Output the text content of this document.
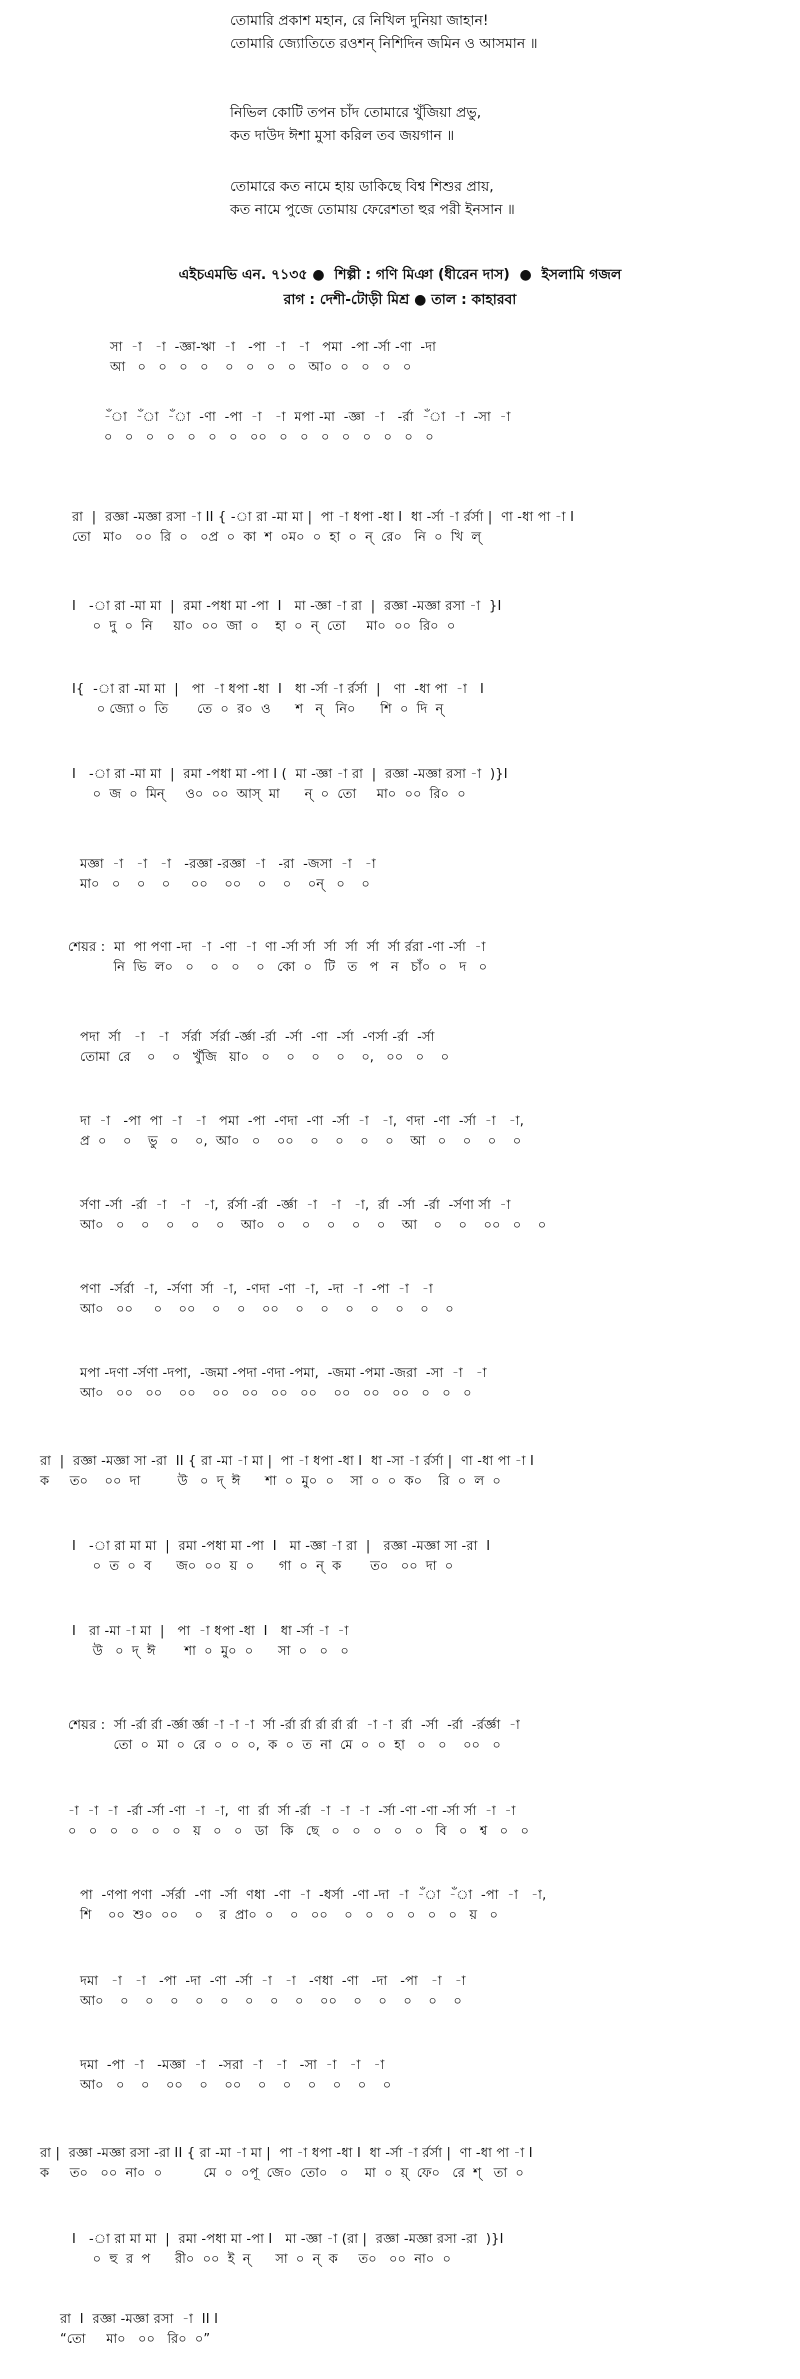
তোমারি প্রকাশ মহান, রে নিখিল দুনিয়া জাহান!
তোমারি জ্যোতিতে রওশন্ নিশিদিন জমিন ও আসমান ॥
নিভিল কোটি তপন চাঁদ তোমারে খুঁজিয়া প্রভু,
কত দাউদ ঈশা মুসা করিল তব জয়গান ॥
তোমারে কত নামে হায় ডাকিছে বিশ্ব শিশুর প্রায়,
কত নামে পুজে তোমায় ফেরেশতা হুর পরী ইনসান ॥
এইচএমভি এন. ৭১৩৫ ●  শিল্পী : গণি মিঞা (ধীরেন দাস)  ●  ইসলামি গজল
রাগ : দেশী-টোড়ী মিশ্র ● তাল : কাহারবা
সা  -া   -া  -জ্ঞা-ঋা  -া   -পা  -া   -া   পমা  -পা -র্সা -ণা  -দা
আ   ০   ০   ০   ০    ০   ০   ০   ০   আ০  ০   ০   ০   ০
-ঁা  -ঁা  -ঁা  -ণা  -পা  -া   -া  মপা -মা  -জ্ঞা  -া   -র্রা  -ঁা  -া  -সা  -া
০   ০   ০   ০   ০   ০   ০   ০০   ০   ০   ০   ০   ০   ০   ০   ০
রা  |  রজ্ঞা -মজ্ঞা রসা -া II { -া রা -মা মা |  পা -া ধপা -ধা I  ধা -র্সা -া র্রর্সা |  ণা -ধা পা -া I
তো   মা০   ০০  রি  ০   ০প্র  ০  কা  শ  ০ম০  ০  হা  ০  ন্  রে০   নি  ০  খি  ল্
I   -া রা -মা মা  |  রমা -পধা মা -পা  I   মা -জ্ঞা -া রা  |  রজ্ঞা -মজ্ঞা রসা -া  }I
০  দু  ০  নি     য়া০  ০০  জা  ০    হা  ০  ন্  তো     মা০  ০০  রি০  ০
I{  -া রা -মা মা  |   পা  -া ধপা -ধা  I   ধা -র্সা -া র্রর্সা  |   ণা  -ধা পা  -া   I
০ জ্যো ০  তি       তে  ০  র০  ও      শ   ন্   নি০      শি  ০  দি  ন্
I   -া রা -মা মা  |  রমা -পধা মা -পা I (  মা -জ্ঞা -া রা  |  রজ্ঞা -মজ্ঞা রসা -া  )}I
০  জ  ০  মিন্     ও০  ০০  আস্  মা      ন্  ০  তো     মা০  ০০  রি০  ০
মজ্ঞা  -া   -া   -া   -রজ্ঞা -রজ্ঞা  -া   -রা  -জসা  -া   -া
মা০   ০    ০    ০     ০০    ০০    ০    ০    ০ন্   ০    ০
শেয়র :  মা  পা পণা -দা  -া  -ণা  -া  ণা -র্সা র্সা  র্সা  র্সা  র্সা  র্সা র্ররা -ণা -র্সা  -া
নি  ভি  ল০   ০    ০   ০    ০   কো  ০   টি   ত   প   ন   চাঁ০  ০   দ   ০
পদা  র্সা   -া   -া   র্সর্রা  র্সর্রা -র্জ্ঞা -র্রা  -র্সা  -ণা  -র্সা  -ণর্সা -র্রা  -র্সা
তোমা  রে    ০    ০   খুঁজি   য়া০   ০    ০    ০    ০    ০,   ০০   ০    ০
দা  -া   -পা  পা  -া   -া   পমা  -পা  -ণদা  -ণা  -র্সা  -া   -া,  ণদা  -ণা  -র্সা  -া   -া,
প্র  ০    ০    ভু   ০    ০,  আ০   ০    ০০    ০    ০    ০    ০    আ   ০    ০    ০    ০
র্সণা -র্সা  -র্রা  -া   -া   -া,  র্রর্সা -র্রা  -র্জ্ঞা  -া   -া   -া,  র্রা  -র্সা  -র্রা  -র্সণা র্সা  -া
আ০   ০    ০    ০    ০    ০    আ০   ০    ০    ০    ০    ০    আ    ০    ০    ০০   ০    ০
পণা  -র্সর্রা  -া,  -র্সণা  র্সা  -া,  -ণদা  -ণা  -া,  -দা  -া  -পা  -া   -া
আ০   ০০     ০    ০০    ০    ০    ০০    ০    ০    ০    ০    ০    ০    ০
মপা -দণা -র্সণা -দপা,  -জমা -পদা -ণদা -পমা,  -জমা -পমা -জরা  -সা  -া   -া
আ০   ০০   ০০    ০০    ০০   ০০   ০০   ০০    ০০   ০০   ০০   ০   ০   ০
রা  |  রজ্ঞা -মজ্ঞা সা -রা  II { রা -মা -া মা |  পা -া ধপা -ধা I  ধা -সা -া র্রর্সা |  ণা -ধা পা -া I
ক     ত০    ০০  দা         উ   ০  দ্  ঈ      শা  ০  মু০  ০    সা  ০  ০  ক০    রি  ০  ল  ০
I   -া রা মা মা  |  রমা -পধা মা -পা  I   মা -জ্ঞা -া রা  |   রজ্ঞা -মজ্ঞা সা -রা  I
০  ত  ০  ব      জ০  ০০  য়  ০      গা  ০  ন্  ক       ত০   ০০  দা  ০
I   রা -মা -া মা  |   পা  -া ধপা -ধা  I   ধা -র্সা -া  -া
উ   ০  দ্  ঈ       শা  ০  মু০  ০      সা  ০   ০   ০
শেয়র :  র্সা -র্রা র্রা -র্জ্ঞা র্জ্ঞা -া -া -া  র্সা -র্রা র্রা র্রা র্রা র্রা  -া -া  র্রা  -র্সা  -র্রা  -র্রর্জ্ঞা  -া
তো  ০  মা  ০  রে  ০  ০  ০,  ক  ০  ত  না  মে  ০  ০  হা   ০   ০    ০০   ০
-া  -া  -া  -র্রা -র্সা -ণা  -া  -া,  ণা  র্রা  র্সা -র্রা  -া  -া  -া  -র্সা -ণা -ণা -র্সা র্সা  -া  -া
০   ০   ০   ০   ০   ০   য়   ০   ০   ডা   কি   ছে   ০   ০   ০   ০   ০   বি   ০   শ্ব   ০   ০
পা  -ণপা পণা  -র্সর্রা  -ণা  -র্সা  ণধা  -ণা  -া  -ধর্সা  -ণা -দা  -া  -ঁা  -ঁা  -পা  -া   -া,
শি    ০০  শু০  ০০    ০    র  প্রা০  ০    ০   ০০    ০   ০   ০   ০   ০   ০   য়   ০
দমা   -া   -া   -পা  -দা  -ণা  -র্সা  -া   -া   -ণধা  -ণা   -দা   -পা   -া   -া
আ০    ০    ০    ০    ০    ০    ০    ০    ০    ০০    ০    ০    ০    ০    ০
দমা  -পা  -া   -মজ্ঞা  -া   -সরা  -া   -া   -সা  -া   -া   -া
আ০   ০    ০    ০০    ০    ০০    ০    ০    ০    ০    ০    ০
রা |  রজ্ঞা -মজ্ঞা রসা -রা II { রা -মা -া মা |  পা -া ধপা -ধা I  ধা -র্সা -া র্রর্সা |  ণা -ধা পা -া I
ক     ত০   ০০  না০  ০          মে  ০  ০পূ  জে০  তো০   ০    মা  ০  য়্  ফে০   রে  শ্   তা  ০
I   -া রা মা মা  |  রমা -পধা মা -পা I   মা -জ্ঞা -া (রা |  রজ্ঞা -মজ্ঞা রসা -রা  )}I
০  হু  র  প      রী০  ০০  ই  ন্      সা  ০  ন্  ক     ত০   ০০  না০  ০
রা  I  রজ্ঞা -মজ্ঞা রসা  -া  II I
“তো     মা০   ০০   রি০  ০”
